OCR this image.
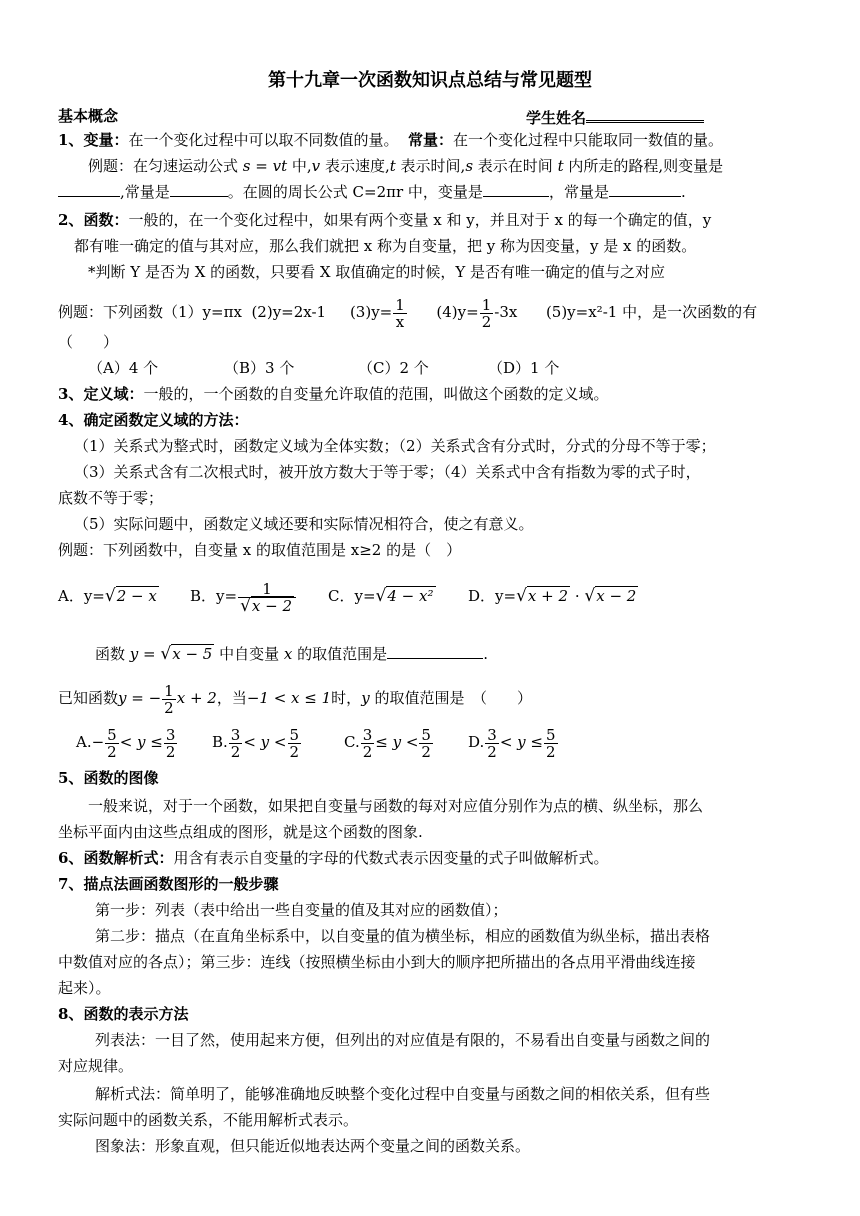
第十九章一次函数知识点总结与常见题型
基本概念	学生姓名
1、变量：在一个变化过程中可以取不同数值的量。 常量：在一个变化过程中只能取同一数值的量。
例题：在匀速运动公式 s = vt 中,v 表示速度,t 表示时间,s 表示在时间 t 内所走的路程,则变量是
,常量是	。在圆的周长公式 C=2πr 中，变量是	，常量是	.
2、函数：一般的，在一个变化过程中，如果有两个变量 x 和 y，并且对于 x 的每一个确定的值，y
都有唯一确定的值与其对应，那么我们就把 x 称为自变量，把 y 称为因变量，y 是 x 的函数。
*判断 Y 是否为 X 的函数，只要看 X 取值确定的时候，Y 是否有唯一确定的值与之对应
例题：下列函数（1）y=πx (2)y=2x-1 $(3)y= \frac{1}{x} (4)y= \frac{1}{2} -3x$ (5)y=x²-1 中，是一次函数的有
（　　）
（A）4 个	（B）3 个	（C）2 个	（D）1 个
3、定义域：一般的，一个函数的自变量允许取值的范围，叫做这个函数的定义域。
4、确定函数定义域的方法：
（1）关系式为整式时，函数定义域为全体实数；（2）关系式含有分式时，分式的分母不等于零；
（3）关系式含有二次根式时，被开放方数大于等于零；（4）关系式中含有指数为零的式子时，
底数不等于零；
（5）实际问题中，函数定义域还要和实际情况相符合，使之有意义。
例题：下列函数中，自变量 x 的取值范围是 x≥2 的是（　）
A．y=√2 − x B．$y= \frac{1}{√x - 2}$ C．y=√4 − x² D．y=√x + 2 · √x − 2
函数 y = √x − 5 中自变量 x 的取值范围是	.
已知函数y = − $\frac{1}{2}$ x + 2，当−1 < x ≤ 1时，y 的取值范围是　（　　）
$A.- \frac{5}{2} < y \le \frac{3}{2} B$. $\frac{3}{2} < y < \frac{5}{2}$	C. $\frac{3}{2} \le y < \frac{5}{2} D$. $\frac{3}{2} < y \le \frac{5}{2}$
5、函数的图像
一般来说，对于一个函数，如果把自变量与函数的每对对应值分别作为点的横、纵坐标，那么
坐标平面内由这些点组成的图形，就是这个函数的图象.
6、函数解析式：用含有表示自变量的字母的代数式表示因变量的式子叫做解析式。
7、描点法画函数图形的一般步骤
第一步：列表（表中给出一些自变量的值及其对应的函数值）；
第二步：描点（在直角坐标系中，以自变量的值为横坐标，相应的函数值为纵坐标，描出表格
中数值对应的各点）；第三步：连线（按照横坐标由小到大的顺序把所描出的各点用平滑曲线连接
起来）。
8、函数的表示方法
列表法：一目了然，使用起来方便，但列出的对应值是有限的，不易看出自变量与函数之间的
对应规律。
解析式法：简单明了，能够准确地反映整个变化过程中自变量与函数之间的相依关系，但有些
实际问题中的函数关系，不能用解析式表示。
图象法：形象直观，但只能近似地表达两个变量之间的函数关系。
